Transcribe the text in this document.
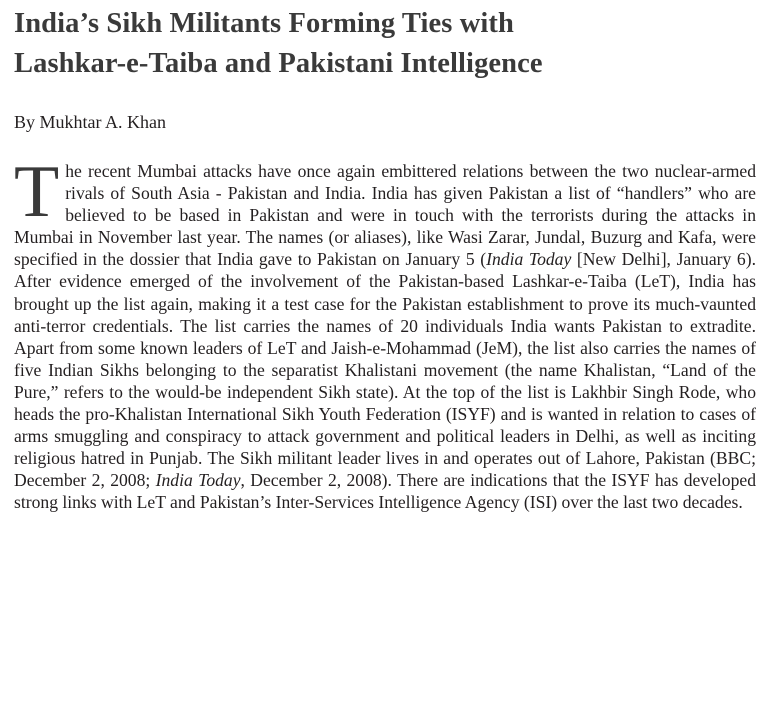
India’s Sikh Militants Forming Ties with
Lashkar-e-Taiba and Pakistani Intelligence

By Mukhtar A. Khan

The recent Mumbai attacks have once again embittered relations between the two nuclear-armed rivals of South Asia - Pakistan and India. India has given Pakistan a list of “handlers” who are believed to be based in Pakistan and were in touch with the terrorists during the attacks in Mumbai in November last year. The names (or aliases), like Wasi Zarar, Jundal, Buzurg and Kafa, were specified in the dossier that India gave to Pakistan on January 5 (India Today [New Delhi], January 6). After evidence emerged of the involvement of the Pakistan-based Lashkar-e-Taiba (LeT), India has brought up the list again, making it a test case for the Pakistan establishment to prove its much-vaunted anti-terror credentials. The list carries the names of 20 individuals India wants Pakistan to extradite. Apart from some known leaders of LeT and Jaish-e-Mohammad (JeM), the list also carries the names of five Indian Sikhs belonging to the separatist Khalistani movement (the name Khalistan, “Land of the Pure,” refers to the would-be independent Sikh state). At the top of the list is Lakhbir Singh Rode, who heads the pro-Khalistan International Sikh Youth Federation (ISYF) and is wanted in relation to cases of arms smuggling and conspiracy to attack government and political leaders in Delhi, as well as inciting religious hatred in Punjab. The Sikh militant leader lives in and operates out of Lahore, Pakistan (BBC; December 2, 2008; India Today, December 2, 2008). There are indications that the ISYF has developed strong links with LeT and Pakistan’s Inter-Services Intelligence Agency (ISI) over the last two decades.
